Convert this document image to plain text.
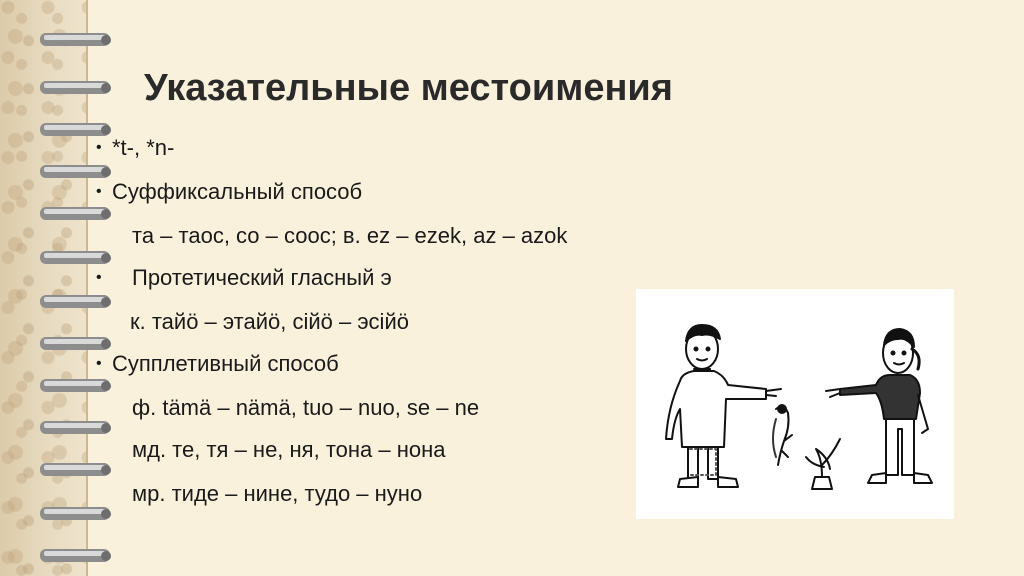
Указательные местоимения
• *t-, *n-
• Суффиксальный способ
та – таос, со – соос; в. ez – ezek, az – azok
• Протетический гласный э
к. тайӧ – этайӧ, сійӧ – эсійӧ
• Супплетивный способ
ф. tämä – nämä, tuo – nuo, se – ne
мд. те, тя – не, ня, тона – нона
мр. тиде – нине, тудо – нуно
